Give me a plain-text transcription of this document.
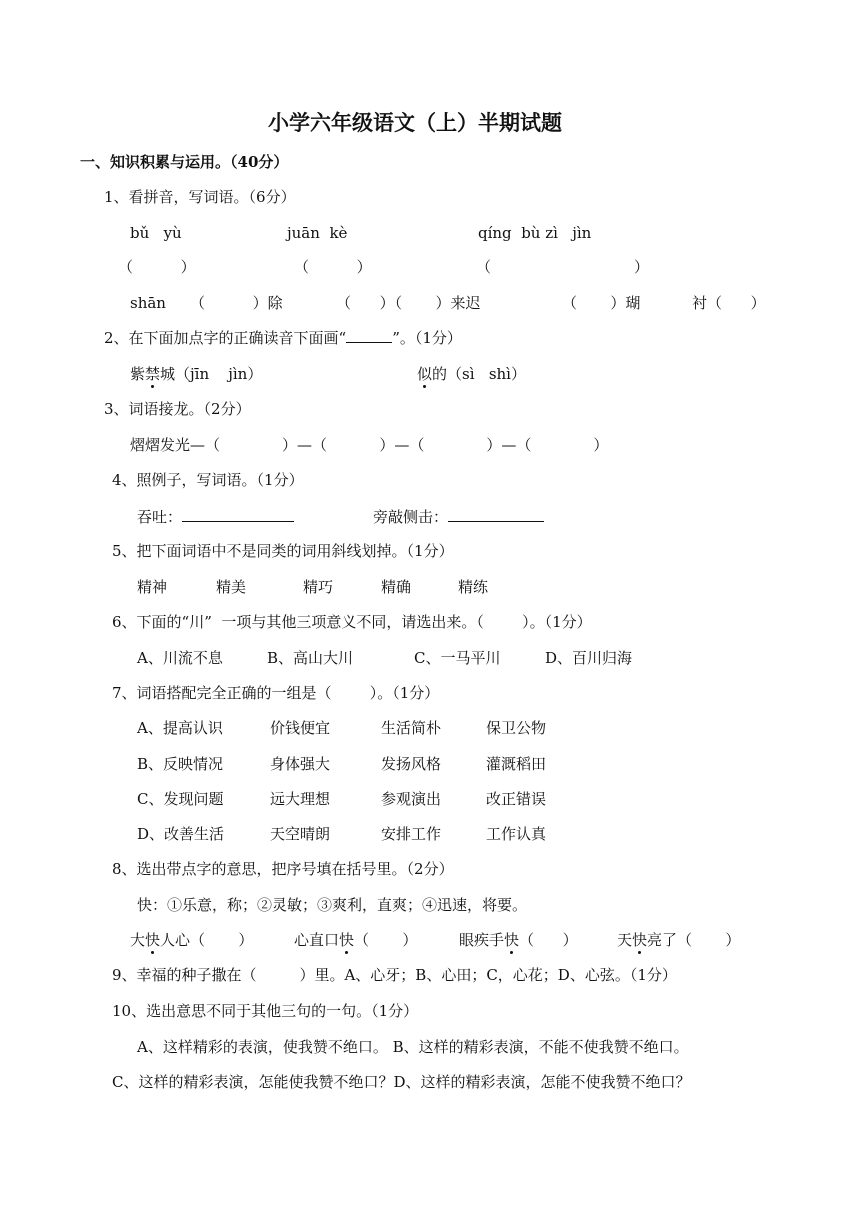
小学六年级语文（上）半期试题
一、知识积累与运用。（40分）
1、看拼音，写词语。（6分）
bǔ   yù	juān  kè	qíng  bù zì   jìn
（          ）	（          ）	（                              ）
shān （          ）除	（      ）（       ）来迟	（       ）瑚	衬（      ）
2、在下面加点字的正确读音下面画“	”。（1分）
紫禁城（jīn    jìn）	似的（sì   shì）
3、词语接龙。（2分）
熠熠发光—（             ）—（           ）—（             ）—（             ）
4、照例子，写词语。（1分）
吞吐：	旁敲侧击：
5、把下面词语中不是同类的词用斜线划掉。（1分）
精神	精美	精巧	精确	精练
6、下面的“川”  一项与其他三项意义不同，请选出来。（        ）。（1分）
A、川流不息	B、高山大川	C、一马平川	D、百川归海
7、词语搭配完全正确的一组是（        ）。（1分）
A、提高认识	价钱便宜	生活简朴	保卫公物
B、反映情况	身体强大	发扬风格	灌溉稻田
C、发现问题	远大理想	参观演出	改正错误
D、改善生活	天空晴朗	安排工作	工作认真
8、选出带点字的意思，把序号填在括号里。（2分）
快：①乐意，称；②灵敏；③爽利，直爽；④迅速，将要。
大快人心（       ）	心直口快（       ）	眼疾手快（      ）	天快亮了（       ）
9、幸福的种子撒在（         ）里。A、心牙；B、心田；C，心花；D、心弦。（1分）
10、选出意思不同于其他三句的一句。（1分）
A、这样精彩的表演，使我赞不绝口。 B、这样的精彩表演，不能不使我赞不绝口。
C、这样的精彩表演，怎能使我赞不绝口？D、这样的精彩表演，怎能不使我赞不绝口？
